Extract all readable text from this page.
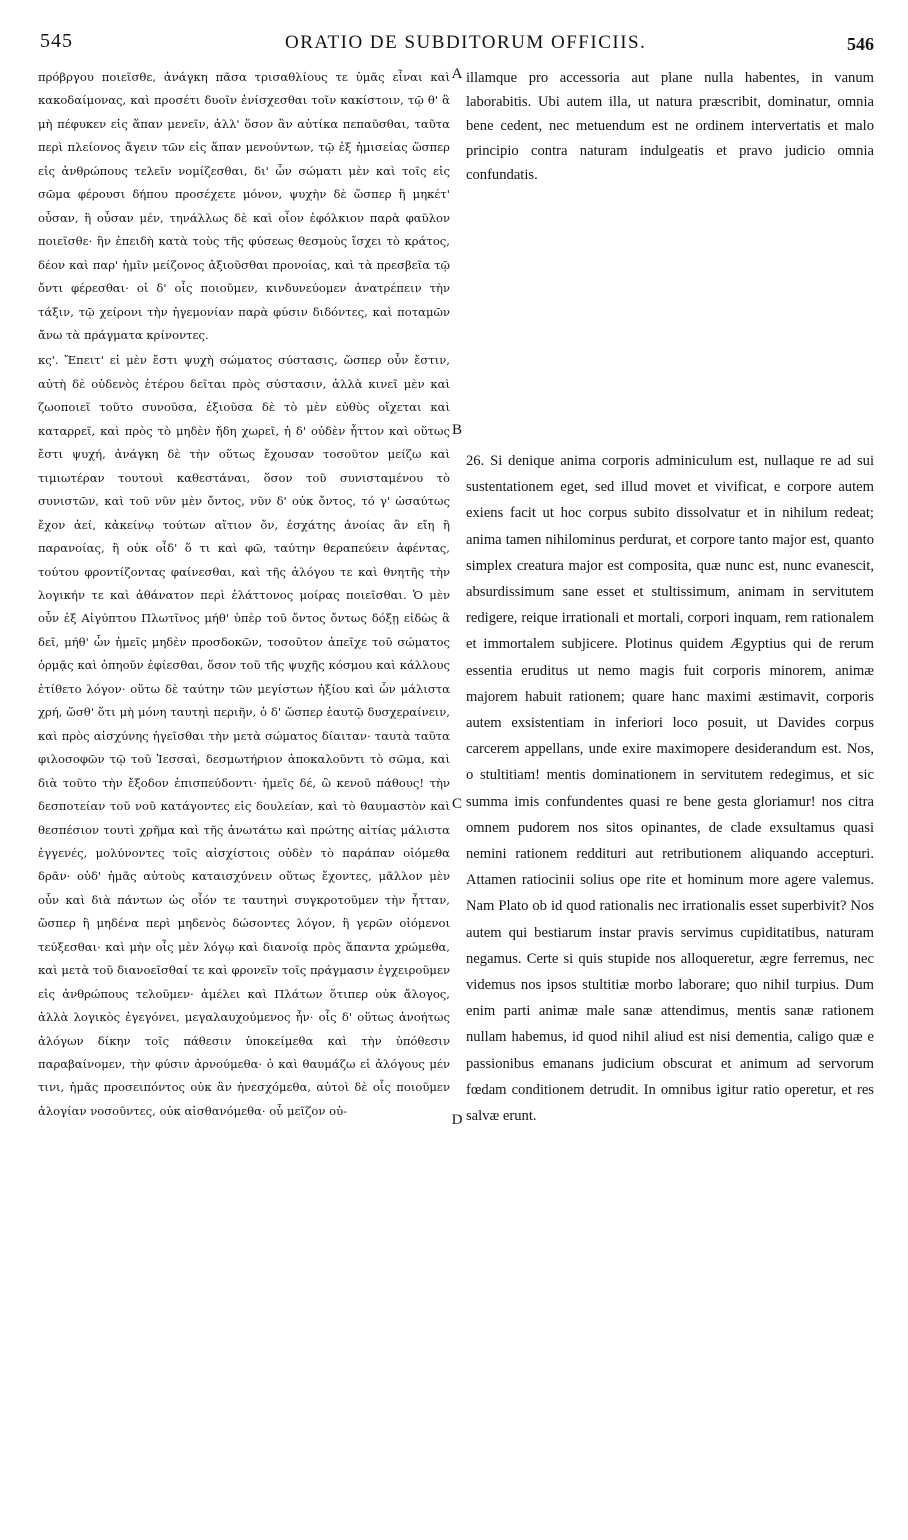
545	ORATIO DE SUBDITORUM OFFICIIS.	546

πρόβργου ποιεῖσθε, ἀνάγκη πᾶσα τρισαθλίους τε ὑμᾶς εἶναι καὶ κακοδαίμονας, καὶ προσέτι δυοῖν ἐνίσχεσθαι τοῖν κακίστοιν, τῷ θ' ἃ μὴ πέφυκεν εἰς ἅπαν μενεῖν, ἀλλ' ὅσον ἂν αὐτίκα πεπαῦσθαι, ταῦτα περὶ πλείονος ἄγειν τῶν εἰς ἅπαν μενούντων, τῷ ἐξ ἡμισείας ὥσπερ εἰς ἀνθρώπους τελεῖν νομίζεσθαι, δι' ὧν σώματι μὲν καὶ τοῖς εἰς σῶμα φέρουσι δήπου προσέχετε μόνον, ψυχὴν δὲ ὥσπερ ἢ μηκέτ' οὖσαν, ἢ οὖσαν μέν, τηνάλλως δὲ καὶ οἷον ἐφόλκιον παρὰ φαῦλον ποιεῖσθε· ἣν ἐπειδὴ κατὰ τοὺς τῆς φύσεως θεσμοὺς ἴσχει τὸ κράτος, δέον καὶ παρ' ἡμῖν μείζονος ἀξιοῦσθαι προνοίας, καὶ τὰ πρεσβεῖα τῷ ὄντι φέρεσθαι· οἱ δ' οἷς ποιοῦμεν, κινδυνεύομεν ἀνατρέπειν τὴν τάξιν, τῷ χείρονι τὴν ἡγεμονίαν παρὰ φύσιν διδόντες, καὶ ποταμῶν ἄνω τὰ πράγματα κρίνοντες.

κς'. Ἔπειτ' εἰ μὲν ἔστι ψυχὴ σώματος σύστασις, ὥσπερ οὖν ἔστιν, αὐτὴ δὲ οὐδενὸς ἑτέρου δεῖται πρὸς σύστασιν, ἀλλὰ κινεῖ μὲν καὶ ζωοποιεῖ τοῦτο συνοῦσα, ἐξιοῦσα δὲ τὸ μὲν εὐθὺς οἴχεται καὶ καταρρεῖ, καὶ πρὸς τὸ μηδὲν ἤδη χωρεῖ, ἡ δ' οὐδὲν ἧττον καὶ οὕτως ἔστι ψυχή, ἀνάγκη δὲ τὴν οὕτως ἔχουσαν τοσοῦτον μείζω καὶ τιμιωτέραν τουτουὶ καθεστάναι, ὅσον τοῦ συνισταμένου τὸ συνιστῶν, καὶ τοῦ νῦν μὲν ὄντος, νῦν δ' οὐκ ὄντος, τό γ' ὡσαύτως ἔχον ἀεί, κἀκείνῳ τούτων αἴτιον ὄν, ἐσχάτης ἀνοίας ἂν εἴη ἢ παρανοίας, ἢ οὐκ οἶδ' ὅ τι καὶ φῶ, ταύτην θεραπεύειν ἀφέντας, τούτου φροντίζοντας φαίνεσθαι, καὶ τῆς ἀλόγου τε καὶ θνητῆς τὴν λογικήν τε καὶ ἀθάνατον περὶ ἐλάττονος μοίρας ποιεῖσθαι. Ὁ μὲν οὖν ἐξ Αἰγύπτου Πλωτῖνος μήθ' ὑπὲρ τοῦ ὄντος ὄντως δόξῃ εἰδὼς ἃ δεῖ, μήθ' ὧν ἡμεῖς μηδὲν προσδοκῶν, τοσοῦτον ἀπεῖχε τοῦ σώματος ὁρμᾷς καὶ ὁπηοῦν ἐφίεσθαι, ὅσον τοῦ τῆς ψυχῆς κόσμου καὶ κάλλους ἐτίθετο λόγον· οὕτω δὲ ταύτην τῶν μεγίστων ἠξίου καὶ ὧν μάλιστα χρή, ὥσθ' ὅτι μὴ μόνη ταυτηὶ περιῆν, ὁ δ' ὥσπερ ἑαυτῷ δυσχεραίνειν, καὶ πρὸς αἰσχύνης ἡγεῖσθαι τὴν μετὰ σώματος δίαιταν· ταυτὰ ταῦτα φιλοσοφῶν τῷ τοῦ Ἰεσσαὶ, δεσμωτήριον ἀποκαλοῦντι τὸ σῶμα, καὶ διὰ τοῦτο τὴν ἔξοδον ἐπισπεύδοντι· ἡμεῖς δέ, ὢ κενοῦ πάθους! τὴν δεσποτείαν τοῦ νοῦ κατάγοντες εἰς δουλείαν, καὶ τὸ θαυμαστὸν καὶ θεσπέσιον τουτὶ χρῆμα καὶ τῆς ἀνωτάτω καὶ πρώτης αἰτίας μάλιστα ἐγγενές, μολύνοντες τοῖς αἰσχίστοις οὐδὲν τὸ παράπαν οἰόμεθα δρᾶν· οὐδ' ἡμᾶς αὐτοὺς καταισχύνειν οὕτως ἔχοντες, μᾶλλον μὲν οὖν καὶ διὰ πάντων ὡς οἷόν τε ταυτηνὶ συγκροτοῦμεν τὴν ἧτταν, ὥσπερ ἢ μηδένα περὶ μηδενὸς δώσοντες λόγον, ἢ γερῶν οἰόμενοι τεύξεσθαι· καὶ μὴν οἷς μὲν λόγῳ καὶ διανοίᾳ πρὸς ἅπαντα χρώμεθα, καὶ μετὰ τοῦ διανοεῖσθαί τε καὶ φρονεῖν τοῖς πράγμασιν ἐγχειροῦμεν εἰς ἀνθρώπους τελοῦμεν· ἀμέλει καὶ Πλάτων ὅτιπερ οὐκ ἄλογος, ἀλλὰ λογικὸς ἐγεγόνει, μεγαλαυχούμενος ἦν· οἷς δ' οὕτως ἀνοήτως ἀλόγων δίκην τοῖς πάθεσιν ὑποκείμεθα καὶ τὴν ὑπόθεσιν παραβαίνομεν, τὴν φύσιν ἀρνούμεθα· ὁ καὶ θαυμάζω εἰ ἀλόγους μέν τινι, ἡμᾶς προσειπόντος οὐκ ἂν ἠνεσχόμεθα, αὐτοὶ δὲ οἷς ποιοῦμεν ἀλογίαν νοσοῦντες, οὐκ αἰσθανόμεθα· οὗ μεῖζον οὐ-

illamque pro accessoria aut plane nulla habentes, in vanum laborabitis. Ubi autem illa, ut natura præscribit, dominatur, omnia bene cedent, nec metuendum est ne ordinem intervertatis et malo principio contra naturam indulgeatis et pravo judicio omnia confundatis.

26. Si denique anima corporis adminiculum est, nullaque re ad sui sustentationem eget, sed illud movet et vivificat, e corpore autem exiens facit ut hoc corpus subito dissolvatur et in nihilum redeat; anima tamen nihilominus perdurat, et corpore tanto major est, quanto simplex creatura major est composita, quæ nunc est, nunc evanescit, absurdissimum sane esset et stultissimum, animam in servitutem redigere, reique irrationali et mortali, corpori inquam, rem rationalem et immortalem subjicere. Plotinus quidem Ægyptius qui de rerum essentia eruditus ut nemo magis fuit corporis minorem, animæ majorem habuit rationem; quare hanc maximi æstimavit, corporis autem exsistentiam in inferiori loco posuit, ut Davides corpus carcerem appellans, unde exire maximopere desiderandum est. Nos, o stultitiam! mentis dominationem in servitutem redegimus, et sic summa imis confundentes quasi re bene gesta gloriamur! nos citra omnem pudorem nos sitos opinantes, de clade exsultamus quasi nemini rationem reddituri aut retributionem aliquando accepturi. Attamen ratiocinii solius ope rite et hominum more agere valemus. Nam Plato ob id quod rationalis nec irrationalis esset superbivit? Nos autem qui bestiarum instar pravis servimus cupiditatibus, naturam negamus. Certe si quis stupide nos alloqueretur, ægre ferremus, nec videmus nos ipsos stultitiæ morbo laborare; quo nihil turpius. Dum enim parti animæ male sanæ attendimus, mentis sanæ rationem nullam habemus, id quod nihil aliud est nisi dementia, caligo quæ e passionibus emanans judicium obscurat et animum ad servorum fœdam conditionem detrudit. In omnibus igitur ratio operetur, et res salvæ erunt.

A
B
C
D
